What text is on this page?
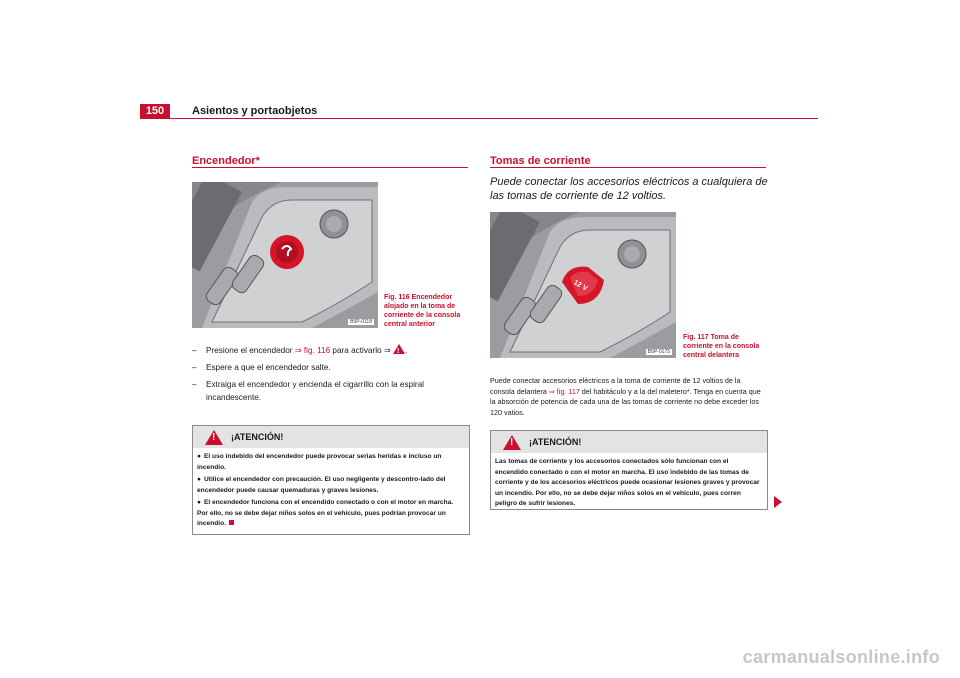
150	Asientos y portaobjetos
Encendedor*
B5P-0118
Fig. 116 Encendedor alojado en la toma de corriente de la consola central anterior
–	Presione el encendedor ⇒ fig. 116 para activarlo ⇒ !.
–	Espere a que el encendedor salte.
–	Extraiga el encendedor y encienda el cigarrillo con la espiral incandescente.
!
¡ATENCIÓN!
● El uso indebido del encendedor puede provocar serias heridas e incluso un incendio.
● Utilice el encendedor con precaución. El uso negligente y descontro-lado del encendedor puede causar quemaduras y graves lesiones.
● El encendedor funciona con el encendido conectado o con el motor en marcha. Por ello, no se debe dejar niños solos en el vehículo, pues podrían provocar un incendio.
Tomas de corriente
Puede conectar los accesorios eléctricos a cualquiera de las tomas de corriente de 12 voltios.
12 V
B5P-0175
Fig. 117 Toma de corriente en la consola central delantera
Puede conectar accesorios eléctricos a la toma de corriente de 12 voltios de la consola delantera ⇒ fig. 117 del habitáculo y a la del maletero*. Tenga en cuenta que la absorción de potencia de cada una de las tomas de corriente no debe exceder los 120 vatios.
!
¡ATENCIÓN!
Las tomas de corriente y los accesorios conectados sólo funcionan con el encendido conectado o con el motor en marcha. El uso indebido de las tomas de corriente y de los accesorios eléctricos puede ocasionar lesiones graves y provocar un incendio. Por ello, no se debe dejar niños solos en el vehículo, pues corren peligro de sufrir lesiones.
carmanualsonline.info
